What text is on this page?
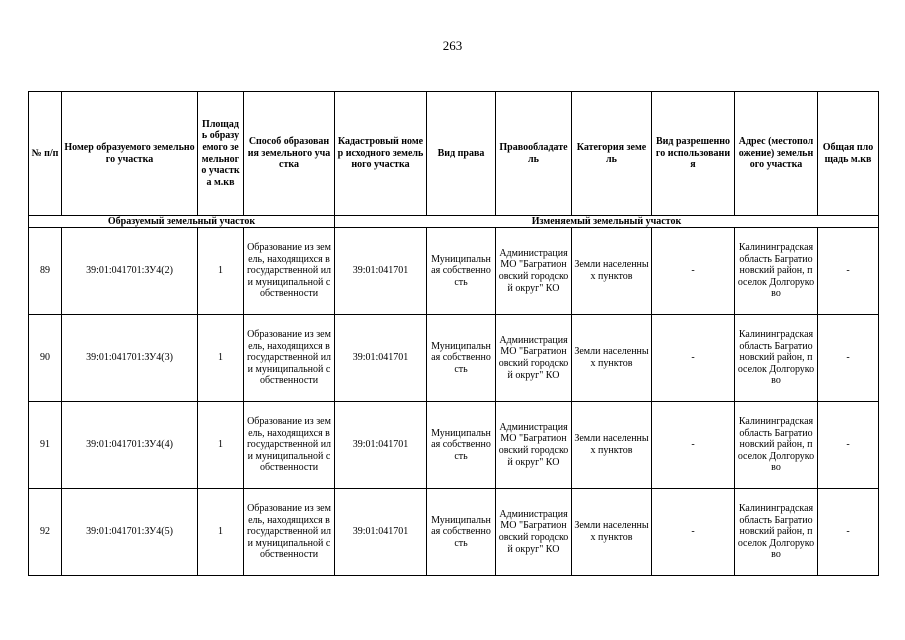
263
№ п/п	Номер образуемого земельного участка	Площадь образуемого земельного участка м.кв	Способ образования земельного участка	Кадастровый номер исходного земельного участка	Вид права	Правообладатель	Категория земель	Вид разрешенного использования	Адрес (местоположение) земельного участка	Общая площадь м.кв
Образуемый земельный участок				Изменяемый земельный участок						
89	39:01:041701:ЗУ4(2)	1	Образование из земель, находящихся в государственной или муниципальной собственности	39:01:041701	Муниципальная собственность	Администрация МО "Багратионовский городской округ" КО	Земли населенных пунктов	-	Калининградская область Багратионовский район, поселок Долгоруково	-
90	39:01:041701:ЗУ4(3)	1	Образование из земель, находящихся в государственной или муниципальной собственности	39:01:041701	Муниципальная собственность	Администрация МО "Багратионовский городской округ" КО	Земли населенных пунктов	-	Калининградская область Багратионовский район, поселок Долгоруково	-
91	39:01:041701:ЗУ4(4)	1	Образование из земель, находящихся в государственной или муниципальной собственности	39:01:041701	Муниципальная собственность	Администрация МО "Багратионовский городской округ" КО	Земли населенных пунктов	-	Калининградская область Багратионовский район, поселок Долгоруково	-
92	39:01:041701:ЗУ4(5)	1	Образование из земель, находящихся в государственной или муниципальной собственности	39:01:041701	Муниципальная собственность	Администрация МО "Багратионовский городской округ" КО	Земли населенных пунктов	-	Калининградская область Багратионовский район, поселок Долгоруково	-
